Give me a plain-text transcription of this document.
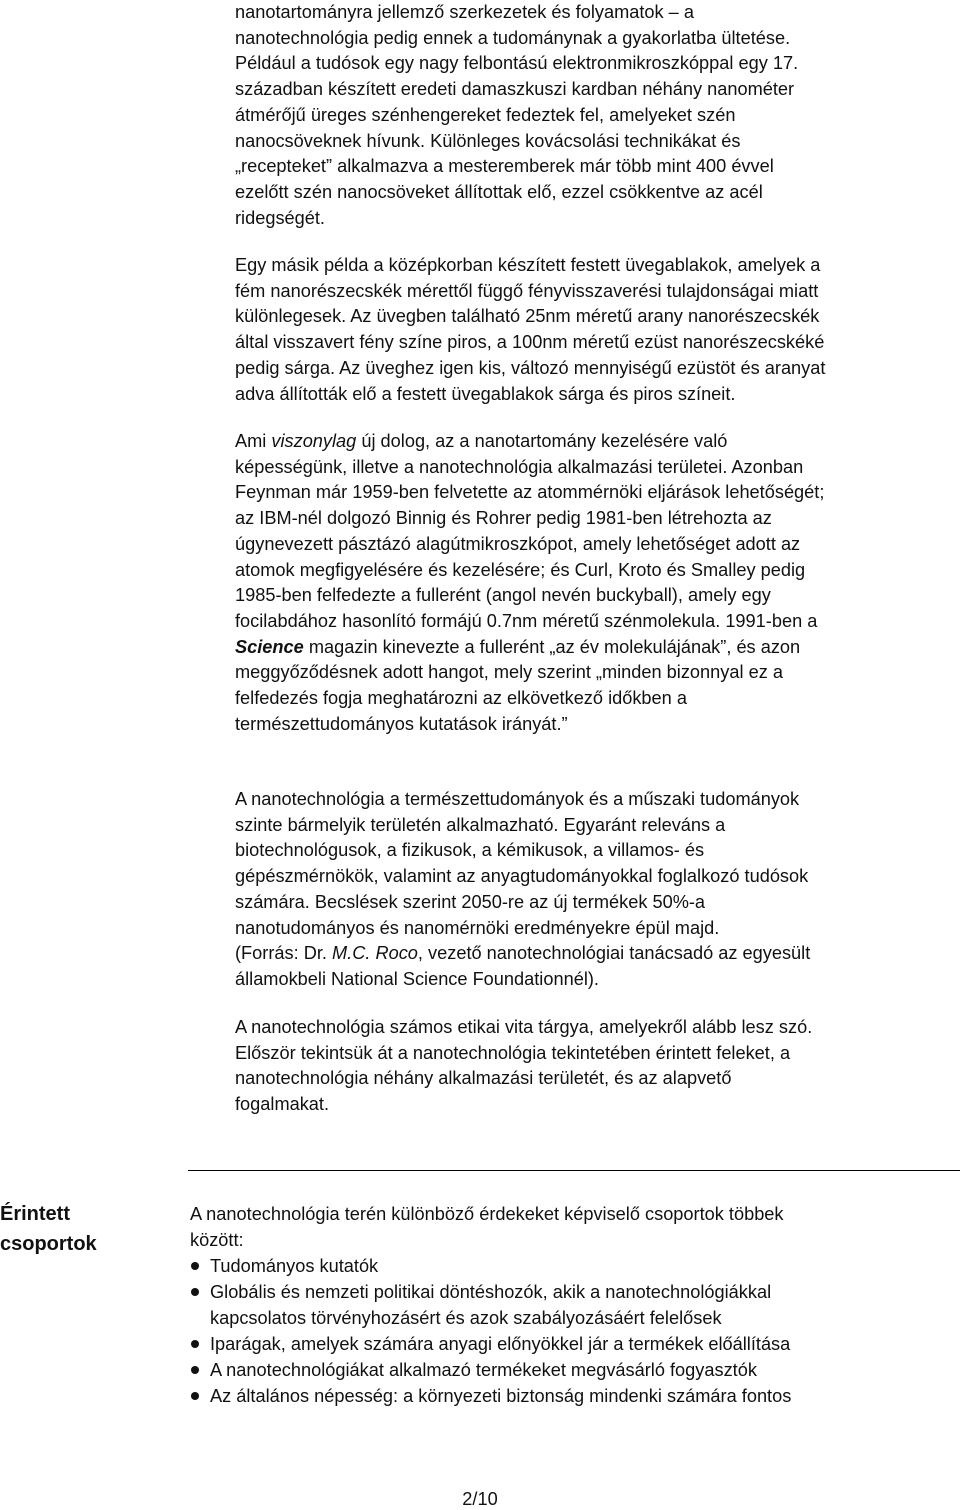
nanotartományra jellemző szerkezetek és folyamatok – a
nanotechnológia pedig ennek a tudománynak a gyakorlatba ültetése.
Például a tudósok egy nagy felbontású elektronmikroszkóppal egy 17.
században készített eredeti damaszkuszi kardban néhány nanométer
átmérőjű üreges szénhengereket fedeztek fel, amelyeket szén
nanocsöveknek hívunk. Különleges kovácsolási technikákat és
„recepteket” alkalmazva a mesteremberek már több mint 400 évvel
ezelőtt szén nanocsöveket állítottak elő, ezzel csökkentve az acél
ridegségét.
Egy másik példa a középkorban készített festett üvegablakok, amelyek a
fém nanorészecskék mérettől függő fényvisszaverési tulajdonságai miatt
különlegesek. Az üvegben található 25nm méretű arany nanorészecskék
által visszavert fény színe piros, a 100nm méretű ezüst nanorészecskéké
pedig sárga. Az üveghez igen kis, változó mennyiségű ezüstöt és aranyat
adva állították elő a festett üvegablakok sárga és piros színeit.
Ami viszonylag új dolog, az a nanotartomány kezelésére való
képességünk, illetve a nanotechnológia alkalmazási területei. Azonban
Feynman már 1959-ben felvetette az atommérnöki eljárások lehetőségét;
az IBM-nél dolgozó Binnig és Rohrer pedig 1981-ben létrehozta az
úgynevezett pásztázó alagútmikroszkópot, amely lehetőséget adott az
atomok megfigyelésére és kezelésére; és Curl, Kroto és Smalley pedig
1985-ben felfedezte a fullerént (angol nevén buckyball), amely egy
focilabdához hasonlító formájú 0.7nm méretű szénmolekula. 1991-ben a
Science magazin kinevezte a fullerént „az év molekulájának”, és azon
meggyőződésnek adott hangot, mely szerint „minden bizonnyal ez a
felfedezés fogja meghatározni az elkövetkező időkben a
természettudományos kutatások irányát.”
A nanotechnológia a természettudományok és a műszaki tudományok
szinte bármelyik területén alkalmazható. Egyaránt releváns a
biotechnológusok, a fizikusok, a kémikusok, a villamos- és
gépészmérnökök, valamint az anyagtudományokkal foglalkozó tudósok
számára. Becslések szerint 2050-re az új termékek 50%-a
nanotudományos és nanomérnöki eredményekre épül majd.
(Forrás: Dr. M.C. Roco, vezető nanotechnológiai tanácsadó az egyesült
államokbeli National Science Foundationnél).
A nanotechnológia számos etikai vita tárgya, amelyekről alább lesz szó.
Először tekintsük át a nanotechnológia tekintetében érintett feleket, a
nanotechnológia néhány alkalmazási területét, és az alapvető
fogalmakat.
Érintett
csoportok
A nanotechnológia terén különböző érdekeket képviselő csoportok többek
között:
Tudományos kutatók
Globális és nemzeti politikai döntéshozók, akik a nanotechnológiákkal
kapcsolatos törvényhozásért és azok szabályozásáért felelősek
Iparágak, amelyek számára anyagi előnyökkel jár a termékek előállítása
A nanotechnológiákat alkalmazó termékeket megvásárló fogyasztók
Az általános népesség: a környezeti biztonság mindenki számára fontos
2/10
